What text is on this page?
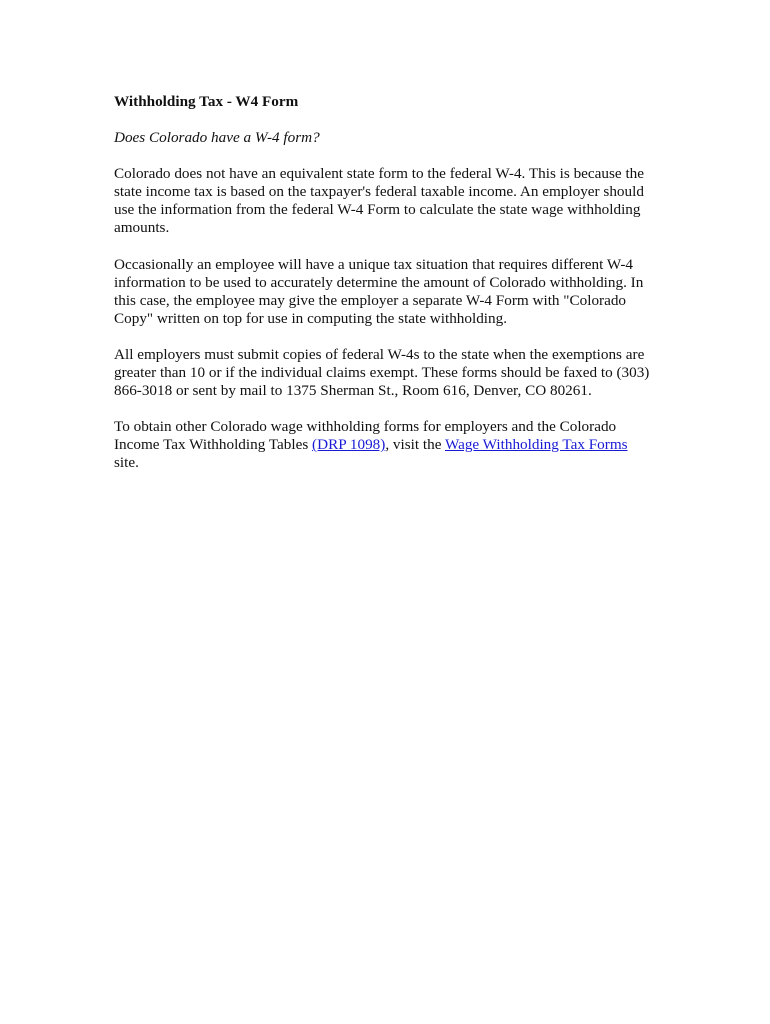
Withholding Tax - W4 Form
Does Colorado have a W-4 form?

Colorado does not have an equivalent state form to the federal W-4. This is because the state income tax is based on the taxpayer's federal taxable income. An employer should use the information from the federal W-4 Form to calculate the state wage withholding amounts.

Occasionally an employee will have a unique tax situation that requires different W-4 information to be used to accurately determine the amount of Colorado withholding. In this case, the employee may give the employer a separate W-4 Form with "Colorado Copy" written on top for use in computing the state withholding.

All employers must submit copies of federal W-4s to the state when the exemptions are greater than 10 or if the individual claims exempt. These forms should be faxed to (303) 866-3018 or sent by mail to 1375 Sherman St., Room 616, Denver, CO 80261.

To obtain other Colorado wage withholding forms for employers and the Colorado Income Tax Withholding Tables (DRP 1098), visit the Wage Withholding Tax Forms site.
